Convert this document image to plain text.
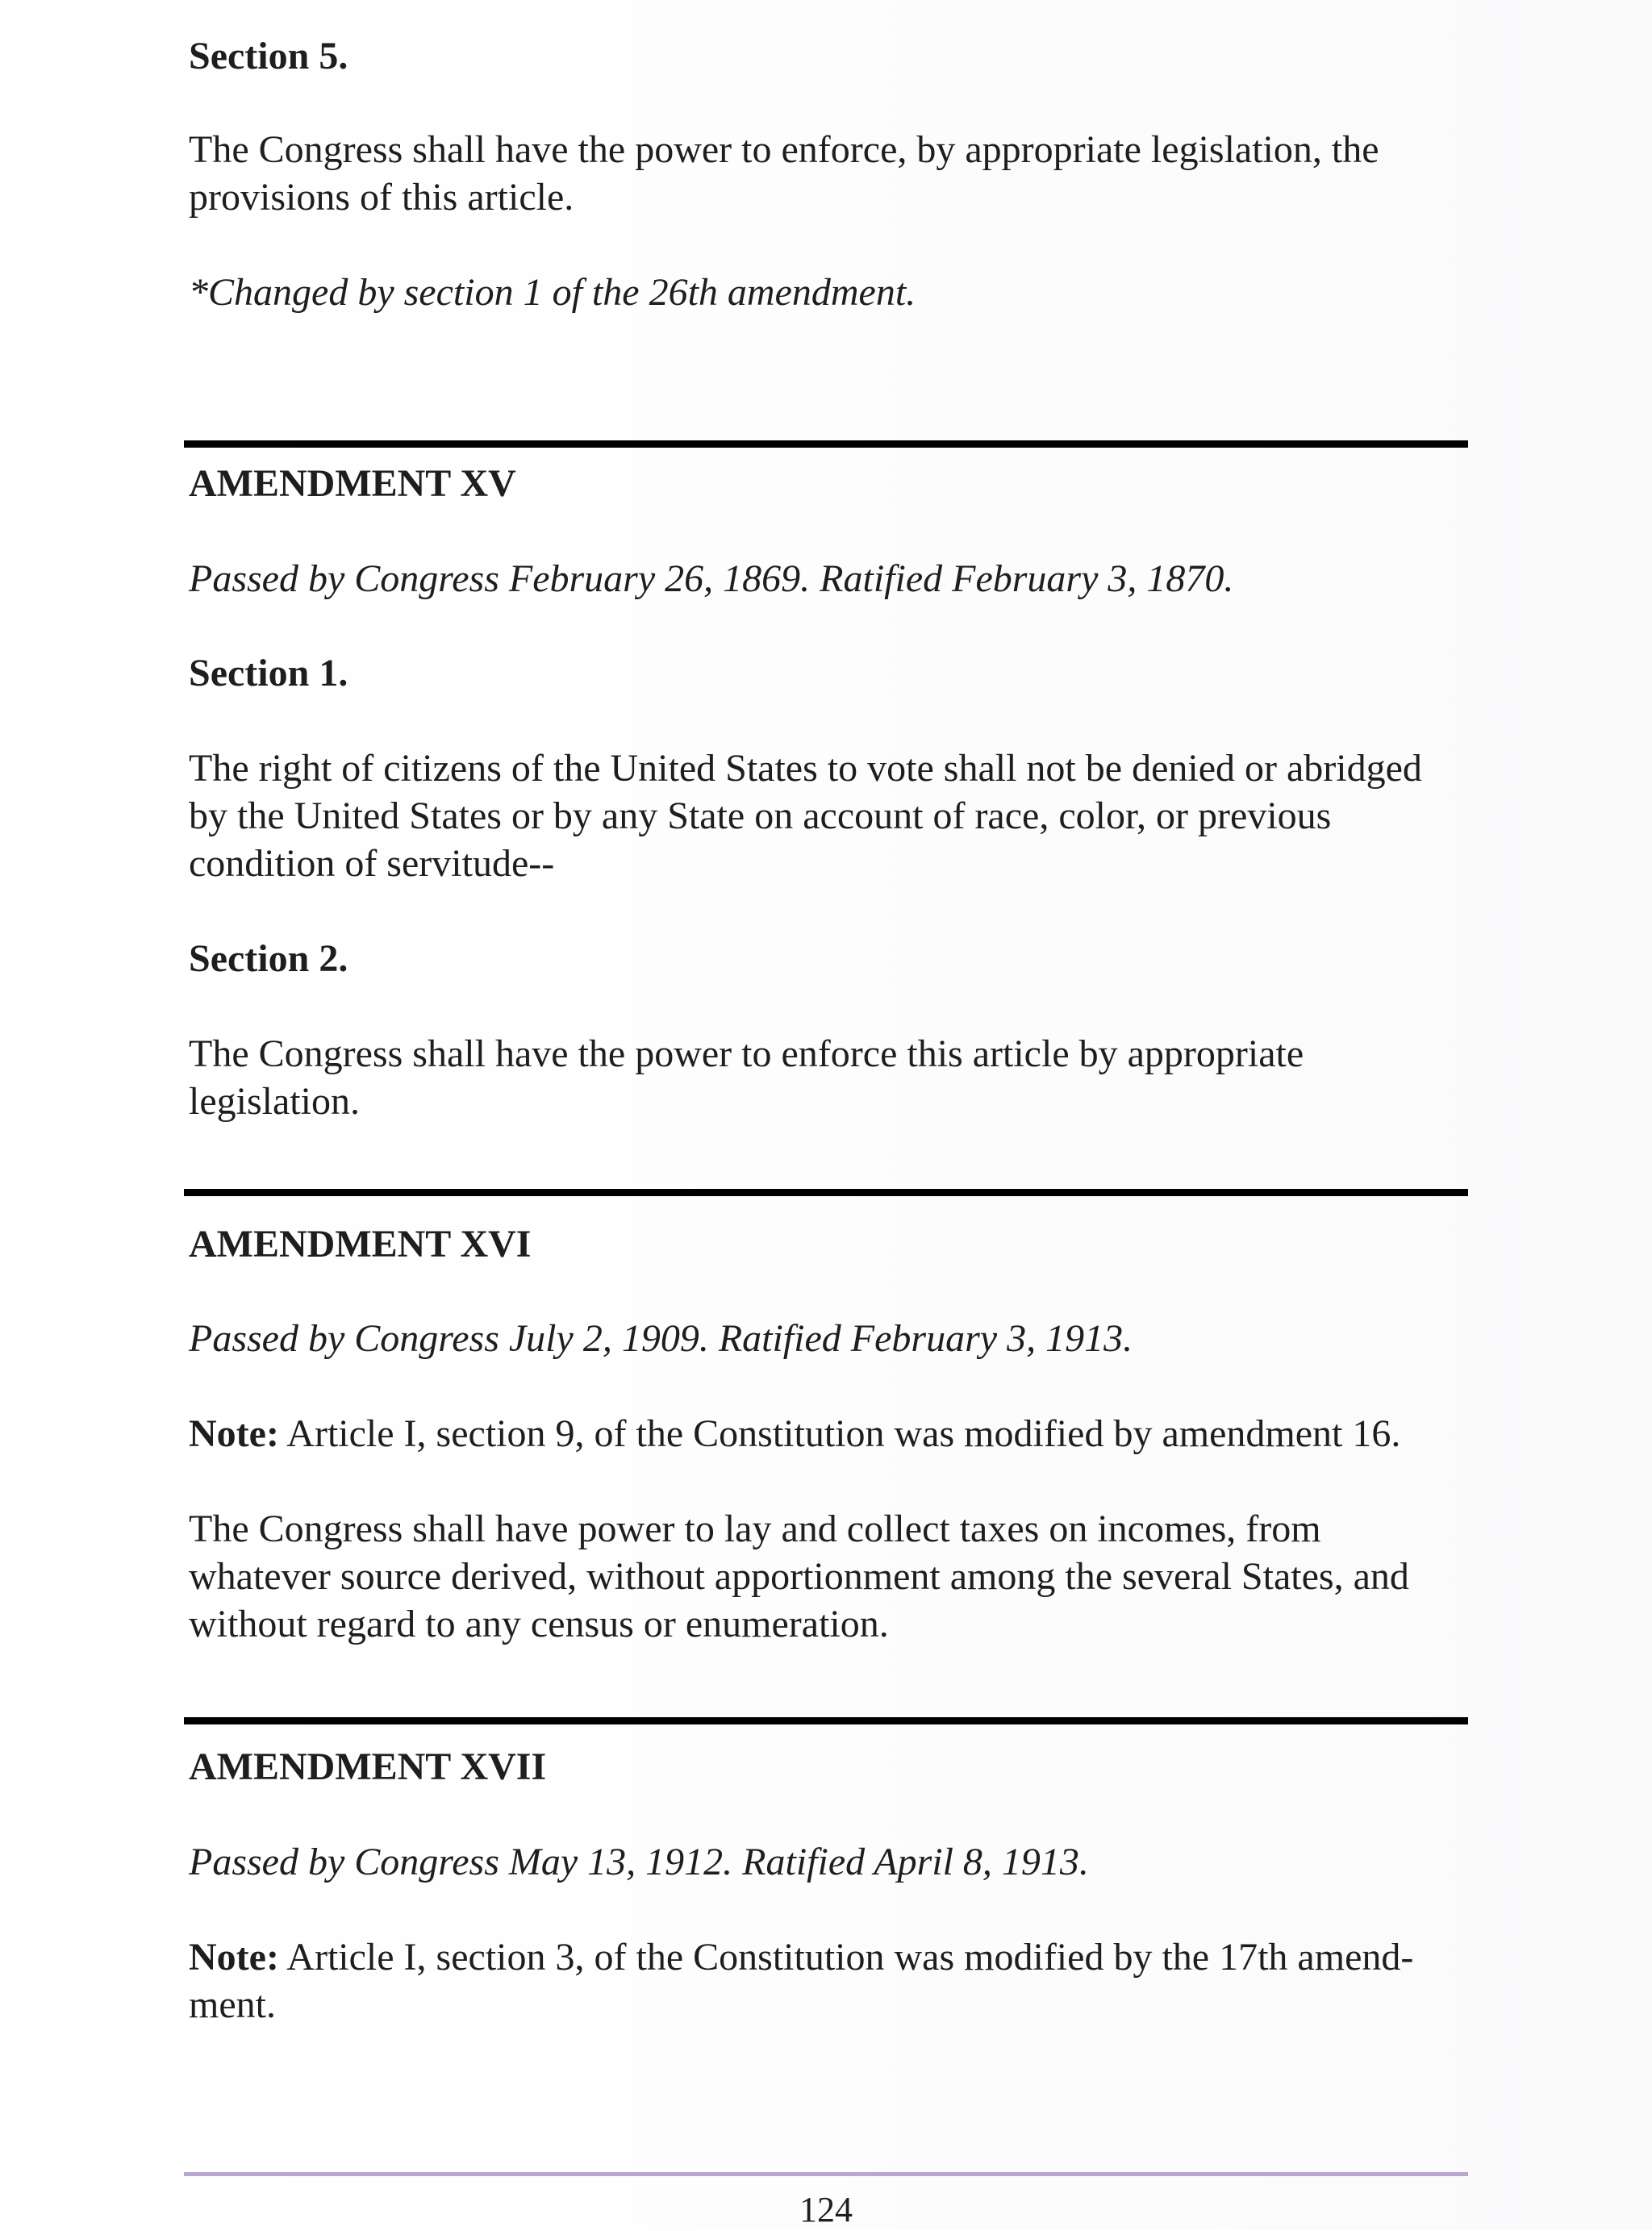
Section 5.

The Congress shall have the power to enforce, by appropriate legislation, the provisions of this article.

*Changed by section 1 of the 26th amendment.

AMENDMENT XV

Passed by Congress February 26, 1869. Ratified February 3, 1870.

Section 1.

The right of citizens of the United States to vote shall not be denied or abridged by the United States or by any State on account of race, color, or previous condition of servitude--

Section 2.

The Congress shall have the power to enforce this article by appropriate legislation.

AMENDMENT XVI

Passed by Congress July 2, 1909. Ratified February 3, 1913.

Note: Article I, section 9, of the Constitution was modified by amendment 16.

The Congress shall have power to lay and collect taxes on incomes, from whatever source derived, without apportionment among the several States, and without regard to any census or enumeration.

AMENDMENT XVII

Passed by Congress May 13, 1912. Ratified April 8, 1913.

Note: Article I, section 3, of the Constitution was modified by the 17th amend-ment.

124
